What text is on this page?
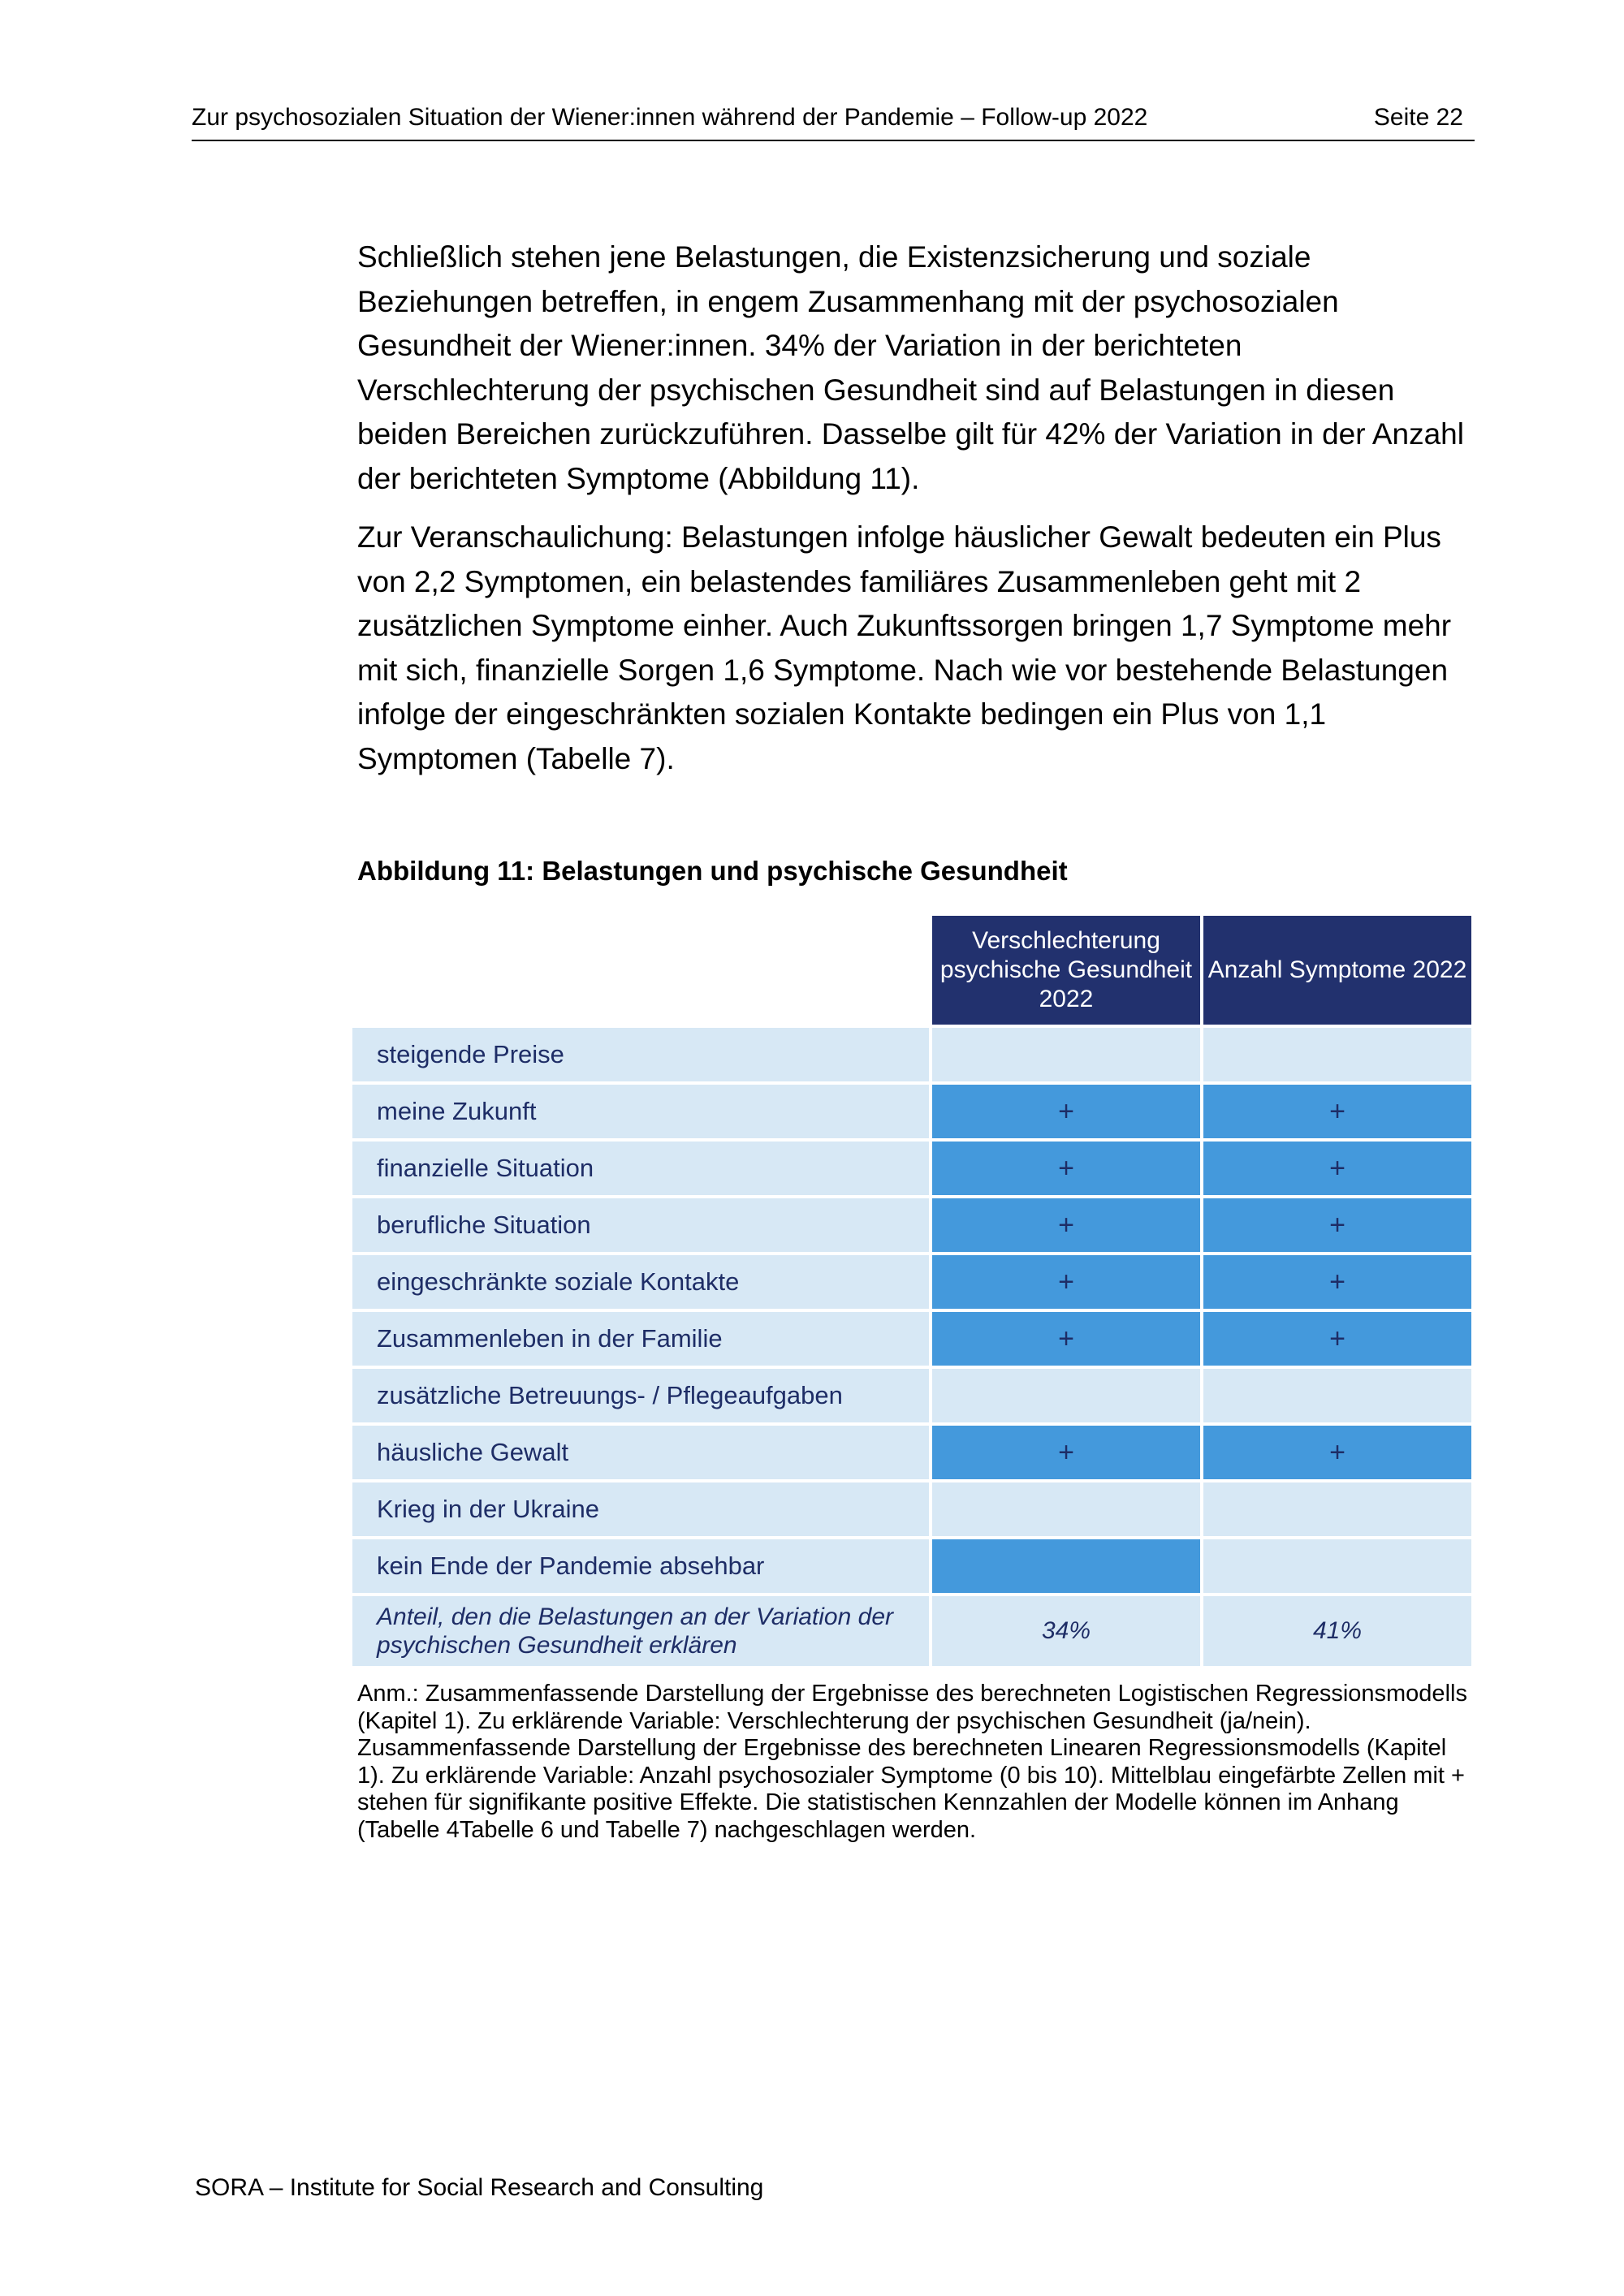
Zur psychosozialen Situation der Wiener:innen während der Pandemie – Follow-up 2022	Seite 22
Schließlich stehen jene Belastungen, die Existenzsicherung und soziale Beziehungen betreffen, in engem Zusammenhang mit der psychosozialen Gesundheit der Wiener:innen. 34% der Variation in der berichteten Verschlechterung der psychischen Gesundheit sind auf Belastungen in diesen beiden Bereichen zurückzuführen. Dasselbe gilt für 42% der Variation in der Anzahl der berichteten Symptome (Abbildung 11).
Zur Veranschaulichung: Belastungen infolge häuslicher Gewalt bedeuten ein Plus von 2,2 Symptomen, ein belastendes familiäres Zusammenleben geht mit 2 zusätzlichen Symptome einher. Auch Zukunftssorgen bringen 1,7 Symptome mehr mit sich, finanzielle Sorgen 1,6 Symptome. Nach wie vor bestehende Belastungen infolge der eingeschränkten sozialen Kontakte bedingen ein Plus von 1,1 Symptomen (Tabelle 7).
Abbildung 11: Belastungen und psychische Gesundheit
	Verschlechterung psychische Gesundheit 2022	Anzahl Symptome 2022
steigende Preise		
meine Zukunft	+	+
finanzielle Situation	+	+
berufliche Situation	+	+
eingeschränkte soziale Kontakte	+	+
Zusammenleben in der Familie	+	+
zusätzliche Betreuungs- / Pflegeaufgaben		
häusliche Gewalt	+	+
Krieg in der Ukraine		
kein Ende der Pandemie absehbar		
Anteil, den die Belastungen an der Variation der psychischen Gesundheit erklären	34%	41%
Anm.: Zusammenfassende Darstellung der Ergebnisse des berechneten Logistischen Regressionsmodells (Kapitel 1). Zu erklärende Variable: Verschlechterung der psychischen Gesundheit (ja/nein). Zusammenfassende Darstellung der Ergebnisse des berechneten Linearen Regressionsmodells (Kapitel 1). Zu erklärende Variable: Anzahl psychosozialer Symptome (0 bis 10). Mittelblau eingefärbte Zellen mit + stehen für signifikante positive Effekte. Die statistischen Kennzahlen der Modelle können im Anhang (Tabelle 4Tabelle 6 und Tabelle 7) nachgeschlagen werden.
SORA – Institute for Social Research and Consulting
